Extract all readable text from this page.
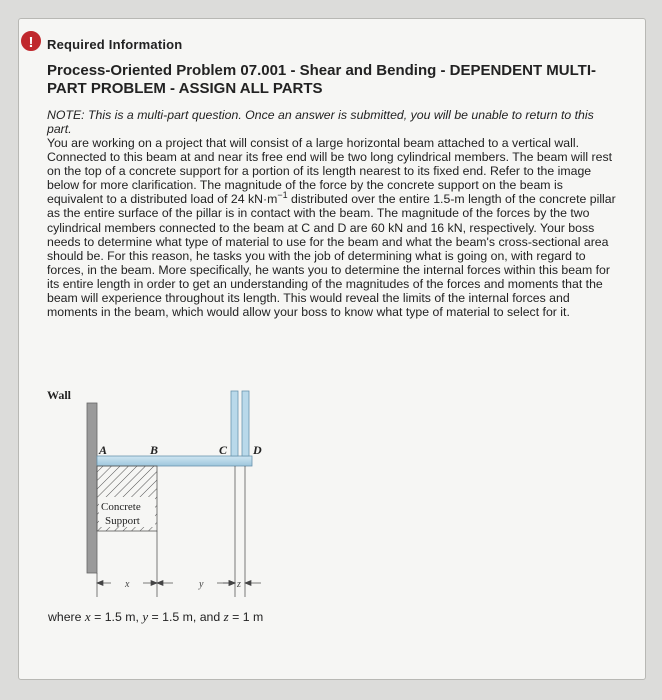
!	Required Information
Process-Oriented Problem 07.001 - Shear and Bending - DEPENDENT MULTI-PART PROBLEM - ASSIGN ALL PARTS
NOTE: This is a multi-part question. Once an answer is submitted, you will be unable to return to this part.
You are working on a project that will consist of a large horizontal beam attached to a vertical wall. Connected to this beam at and near its free end will be two long cylindrical members. The beam will rest on the top of a concrete support for a portion of its length nearest to its fixed end. Refer to the image below for more clarification. The magnitude of the force by the concrete support on the beam is equivalent to a distributed load of 24 $kN\cdot m^{-1}$ distributed over the entire 1.5-m length of the concrete pillar as the entire surface of the pillar is in contact with the beam. The magnitude of the forces by the two cylindrical members connected to the beam at C and D are 60 kN and 16 kN, respectively. Your boss needs to determine what type of material to use for the beam and what the beam's cross-sectional area should be. For this reason, he tasks you with the job of determining what is going on, with regard to forces, in the beam. More specifically, he wants you to determine the internal forces within this beam for its entire length in order to get an understanding of the magnitudes of the forces and moments that the beam will experience throughout its length. This would reveal the limits of the internal forces and moments in the beam, which would allow your boss to know what type of material to select for it.
Wall
Concrete
Support
A	B	C D
x	y	z
where x = 1.5 m, y = 1.5 m, and z = 1 m
